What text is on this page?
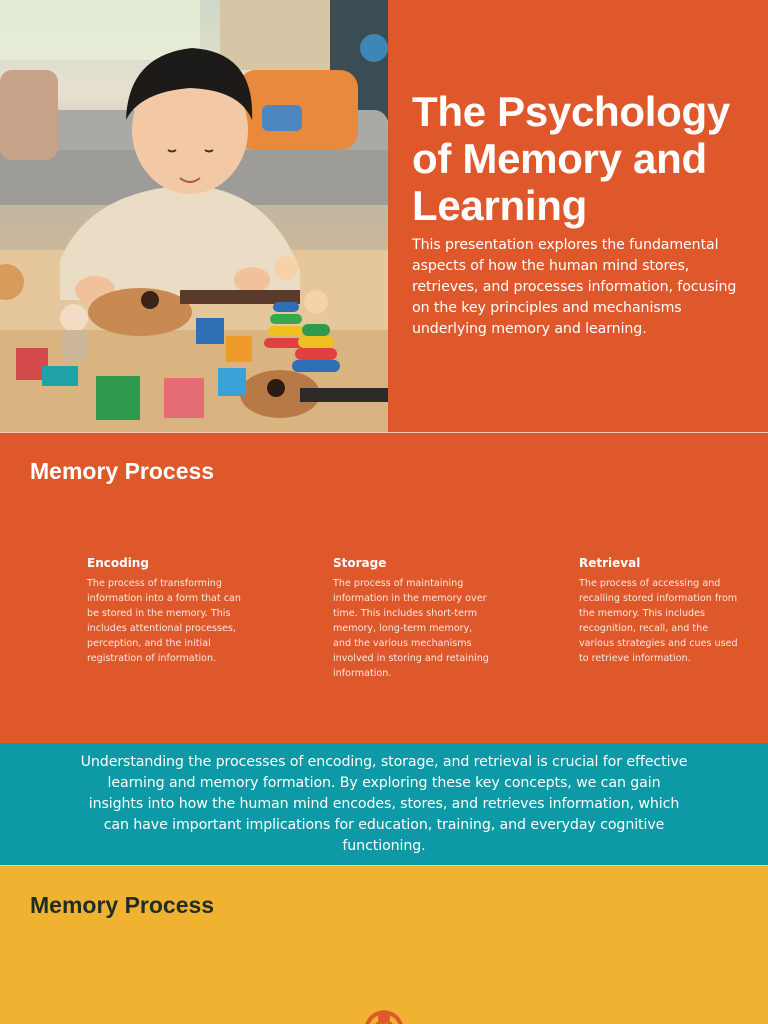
The Psychology of Memory and Learning

This presentation explores the fundamental aspects of how the human mind stores, retrieves, and processes information, focusing on the key principles and mechanisms underlying memory and learning.

Memory Process
Encoding

The process of transforming information into a form that can be stored in the memory. This includes attentional processes, perception, and the initial registration of information.

Storage

The process of maintaining information in the memory over time. This includes short-term memory, long-term memory, and the various mechanisms involved in storing and retaining information.

Retrieval

The process of accessing and recalling stored information from the memory. This includes recognition, recall, and the various strategies and cues used to retrieve information.

Understanding the processes of encoding, storage, and retrieval is crucial for effective learning and memory formation. By exploring these key concepts, we can gain insights into how the human mind encodes, stores, and retrieves information, which can have important implications for education, training, and everyday cognitive functioning.

Memory Process
